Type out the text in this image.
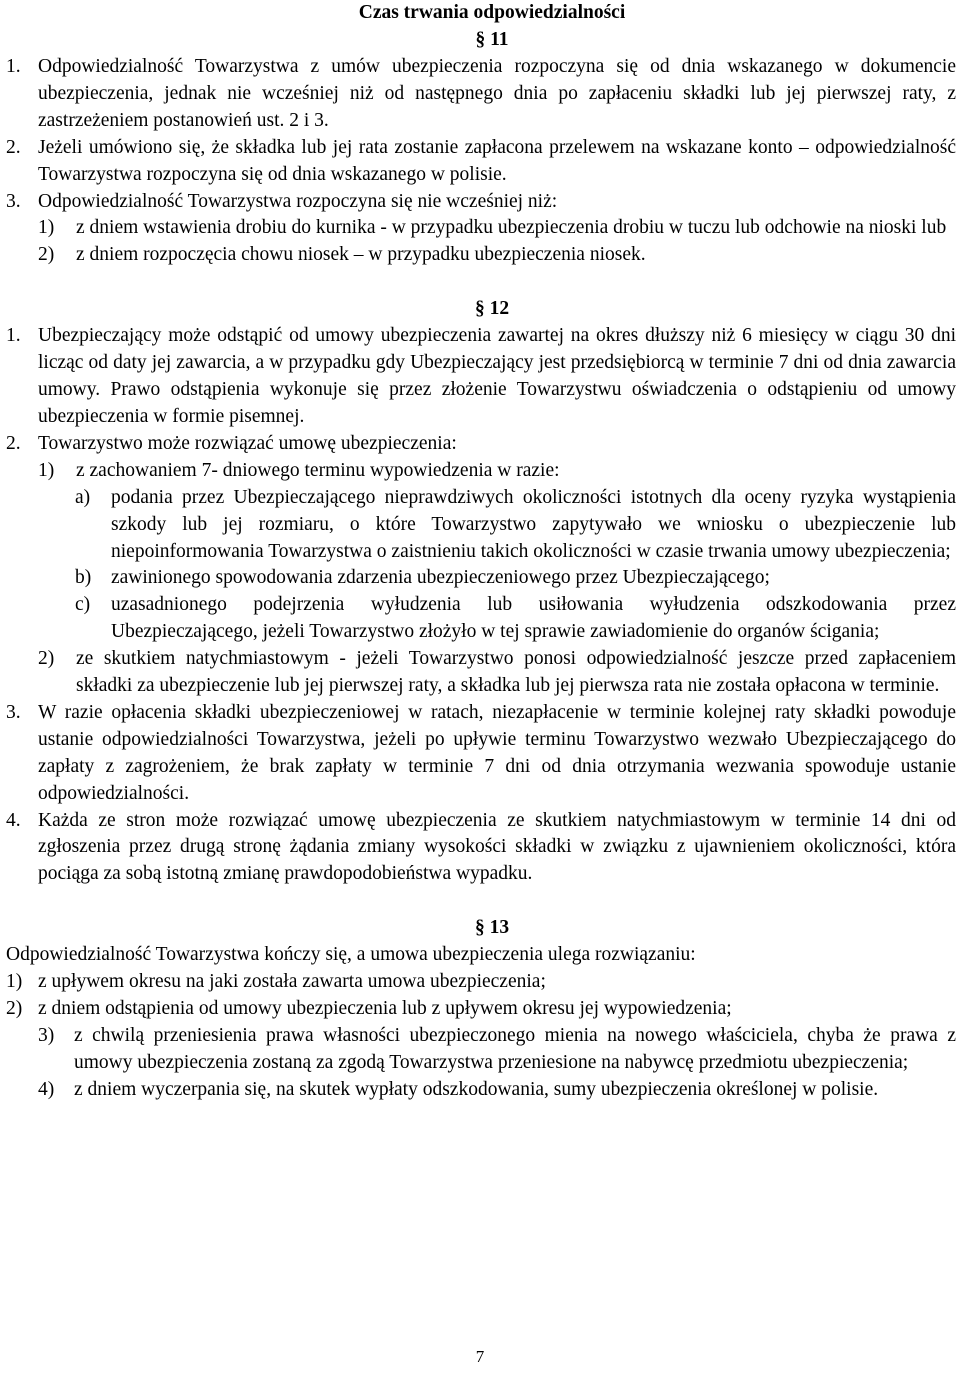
Czas trwania odpowiedzialności
§ 11
1. Odpowiedzialność Towarzystwa z umów ubezpieczenia rozpoczyna się od dnia wskazanego w dokumencie ubezpieczenia, jednak nie wcześniej niż od następnego dnia po zapłaceniu składki lub jej pierwszej raty, z zastrzeżeniem postanowień ust. 2 i 3.
2. Jeżeli umówiono się, że składka lub jej rata zostanie zapłacona przelewem na wskazane konto – odpowiedzialność Towarzystwa rozpoczyna się od dnia wskazanego w polisie.
3. Odpowiedzialność Towarzystwa rozpoczyna się nie wcześniej niż:
1) z dniem wstawienia drobiu do kurnika - w przypadku ubezpieczenia drobiu w tuczu lub odchowie na nioski lub
2) z dniem rozpoczęcia chowu niosek – w przypadku ubezpieczenia niosek.
§ 12
1. Ubezpieczający może odstąpić od umowy ubezpieczenia zawartej na okres dłuższy niż 6 miesięcy w ciągu 30 dni licząc od daty jej zawarcia, a w przypadku gdy Ubezpieczający jest przedsiębiorcą w terminie 7 dni od dnia zawarcia umowy. Prawo odstąpienia wykonuje się przez złożenie Towarzystwu oświadczenia o odstąpieniu od umowy ubezpieczenia w formie pisemnej.
2. Towarzystwo może rozwiązać umowę ubezpieczenia:
1) z zachowaniem 7- dniowego terminu wypowiedzenia w razie:
a) podania przez Ubezpieczającego nieprawdziwych okoliczności istotnych dla oceny ryzyka wystąpienia szkody lub jej rozmiaru, o które Towarzystwo zapytywało we wniosku o ubezpieczenie lub niepoinformowania Towarzystwa o zaistnieniu takich okoliczności w czasie trwania umowy ubezpieczenia;
b) zawinionego spowodowania zdarzenia ubezpieczeniowego przez Ubezpieczającego;
c) uzasadnionego podejrzenia wyłudzenia lub usiłowania wyłudzenia odszkodowania przez Ubezpieczającego, jeżeli Towarzystwo złożyło w tej sprawie zawiadomienie do organów ścigania;
2) ze skutkiem natychmiastowym - jeżeli Towarzystwo ponosi odpowiedzialność jeszcze przed zapłaceniem składki za ubezpieczenie lub jej pierwszej raty, a składka lub jej pierwsza rata nie została opłacona w terminie.
3. W razie opłacenia składki ubezpieczeniowej w ratach, niezapłacenie w terminie kolejnej raty składki powoduje ustanie odpowiedzialności Towarzystwa, jeżeli po upływie terminu Towarzystwo wezwało Ubezpieczającego do zapłaty z zagrożeniem, że brak zapłaty w terminie 7 dni od dnia otrzymania wezwania spowoduje ustanie odpowiedzialności.
4. Każda ze stron może rozwiązać umowę ubezpieczenia ze skutkiem natychmiastowym w terminie 14 dni od zgłoszenia przez drugą stronę żądania zmiany wysokości składki w związku z ujawnieniem okoliczności, która pociąga za sobą istotną zmianę prawdopodobieństwa wypadku.
§ 13
Odpowiedzialność Towarzystwa kończy się, a umowa ubezpieczenia ulega rozwiązaniu:
1) z upływem okresu na jaki została zawarta umowa ubezpieczenia;
2) z dniem odstąpienia od umowy ubezpieczenia lub z upływem okresu jej wypowiedzenia;
3) z chwilą przeniesienia prawa własności ubezpieczonego mienia na nowego właściciela, chyba że prawa z umowy ubezpieczenia zostaną za zgodą Towarzystwa przeniesione na nabywcę przedmiotu ubezpieczenia;
4) z dniem wyczerpania się, na skutek wypłaty odszkodowania, sumy ubezpieczenia określonej w polisie.
7
